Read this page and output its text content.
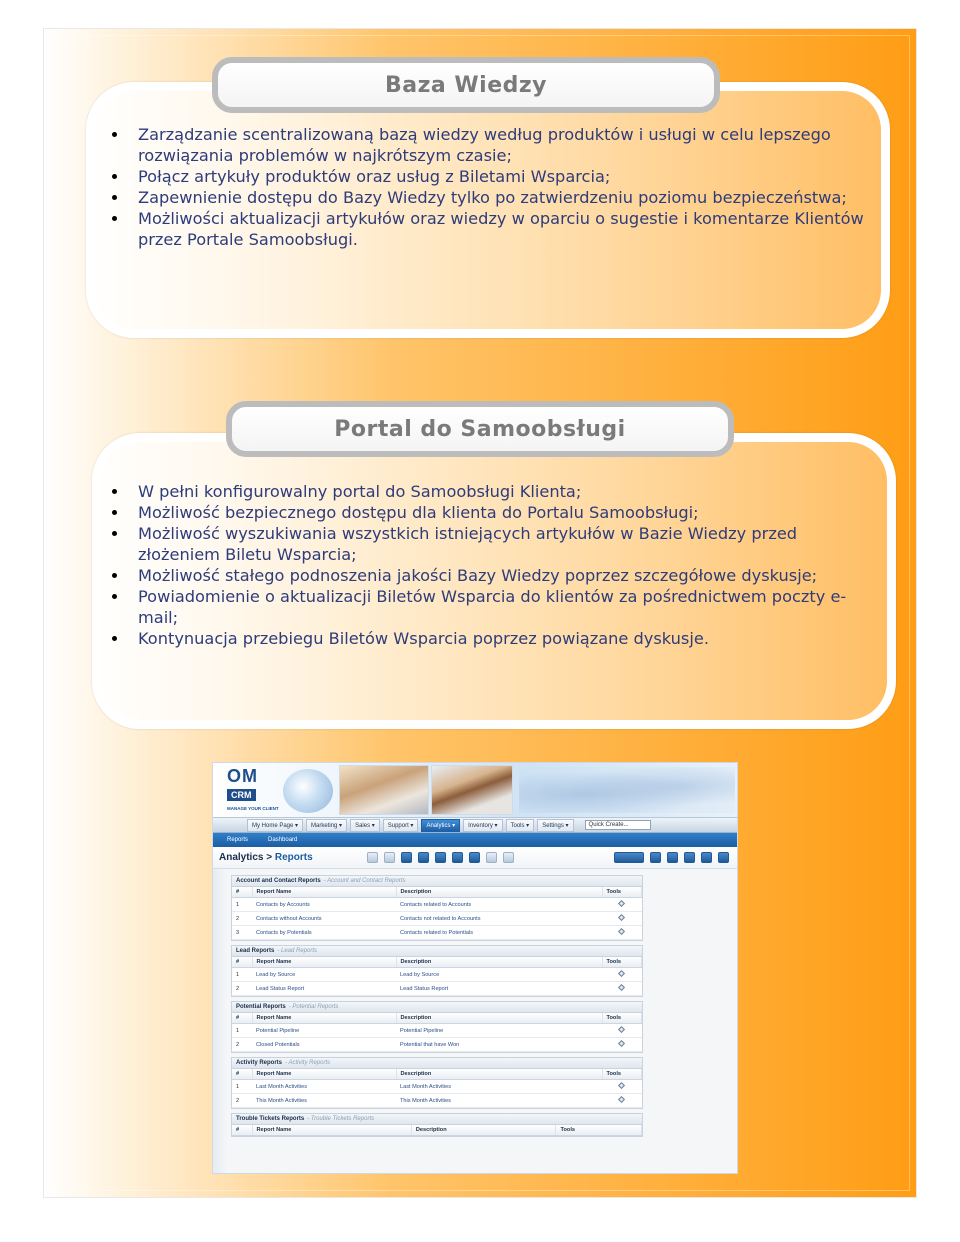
Baza Wiedzy
Zarządzanie scentralizowaną bazą wiedzy według produktów i usługi w celu lepszego rozwiązania problemów w najkrótszym czasie;
Połącz artykuły produktów oraz usług z Biletami Wsparcia;
Zapewnienie dostępu do Bazy Wiedzy tylko po zatwierdzeniu poziomu bezpieczeństwa;
Możliwości aktualizacji artykułów oraz wiedzy w oparciu o sugestie i komentarze Klientów przez Portale Samoobsługi.
Portal do Samoobsługi
W pełni konfigurowalny portal do Samoobsługi Klienta;
Możliwość bezpiecznego dostępu dla klienta do Portalu Samoobsługi;
Możliwość wyszukiwania wszystkich istniejących artykułów w Bazie Wiedzy przed złożeniem Biletu Wsparcia;
Możliwość stałego podnoszenia jakości Bazy Wiedzy poprzez szczegółowe dyskusje;
Powiadomienie o aktualizacji Biletów Wsparcia do klientów za pośrednictwem poczty e-mail;
Kontynuacja przebiegu Biletów Wsparcia poprzez powiązane dyskusje.
OM
CRM
MANAGE YOUR CLIENT
My Home Page ▾	Marketing ▾	Sales ▾	Support ▾	Analytics ▾	Inventory ▾	Tools ▾	Settings ▾	Quick Create...
Reports	Dashboard
Analytics > Reports
Account and Contact Reports - Account and Contact Reports
#	Report Name	Description	Tools
1	Contacts by Accounts	Contacts related to Accounts	
2	Contacts without Accounts	Contacts not related to Accounts	
3	Contacts by Potentials	Contacts related to Potentials	
Lead Reports - Lead Reports
#	Report Name	Description	Tools
1	Lead by Source	Lead by Source	
2	Lead Status Report	Lead Status Report	
Potential Reports - Potential Reports
#	Report Name	Description	Tools
1	Potential Pipeline	Potential Pipeline	
2	Closed Potentials	Potential that have Won	
Activity Reports - Activity Reports
#	Report Name	Description	Tools
1	Last Month Activities	Last Month Activities	
2	This Month Activities	This Month Activities	
Trouble Tickets Reports - Trouble Tickets Reports
#	Report Name	Description	Tools
